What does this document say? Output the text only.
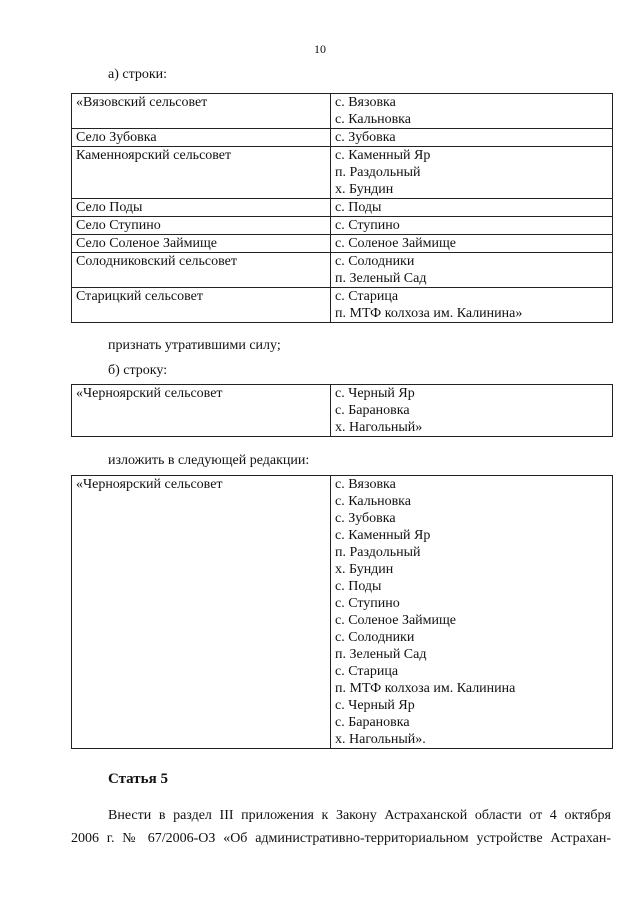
10
а) строки:
«Вязовский сельсовет	с. Вязовка
с. Кальновка

Село Зубовка	с. Зубовка

Каменноярский сельсовет	с. Каменный Яр
п. Раздольный
х. Бундин

Село Поды	с. Поды

Село Ступино	с. Ступино

Село Соленое Займище	с. Соленое Займище

Солодниковский сельсовет	с. Солодники
п. Зеленый Сад

Старицкий сельсовет	с. Старица
п. МТФ колхоза им. Калинина»
признать утратившими силу;
б) строку:
«Черноярский сельсовет	с. Черный Яр
с. Барановка
х. Нагольный»
изложить в следующей редакции:
«Черноярский сельсовет	с. Вязовка
с. Кальновка
с. Зубовка
с. Каменный Яр
п. Раздольный
х. Бундин
с. Поды
с. Ступино
с. Соленое Займище
с. Солодники
п. Зеленый Сад
с. Старица
п. МТФ колхоза им. Калинина
с. Черный Яр
с. Барановка
х. Нагольный».
Статья 5
Внести в раздел III приложения к Закону Астраханской области от 4 октября
2006 г. № 67/2006-ОЗ «Об административно-территориальном устройстве Астрахан-
